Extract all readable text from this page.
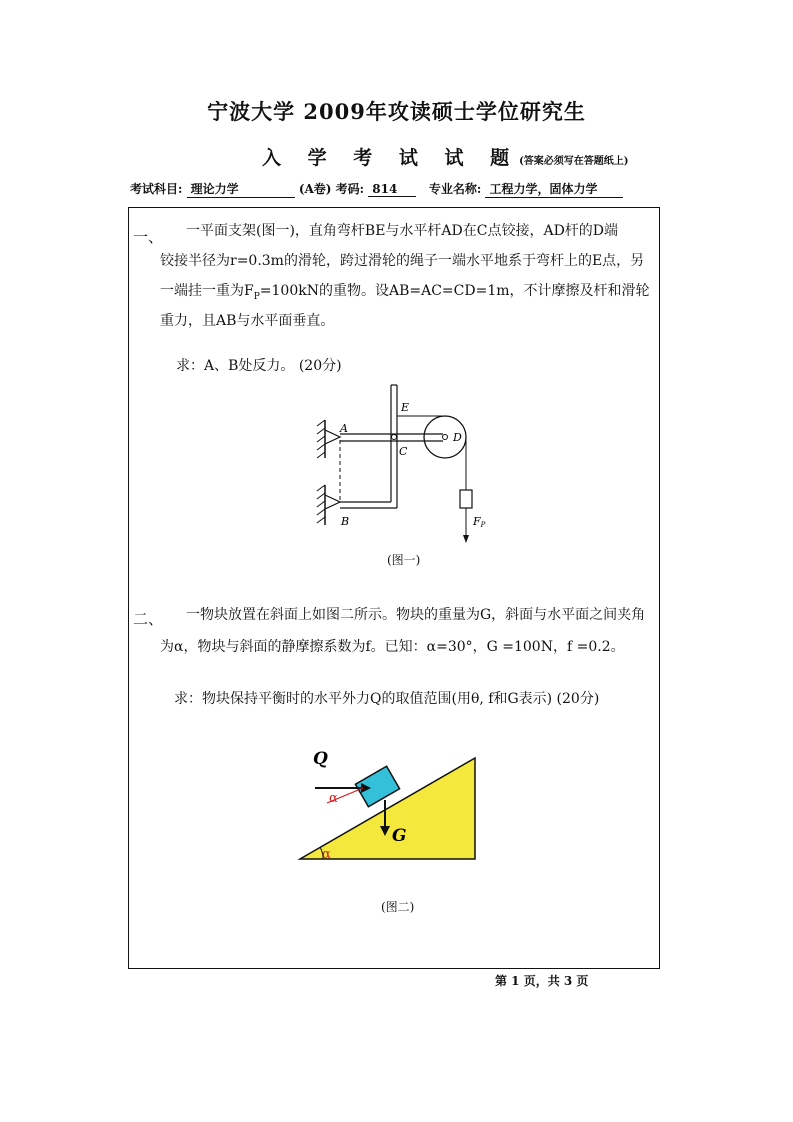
宁波大学 2009年攻读硕士学位研究生
入 学 考 试 试 题(答案必须写在答题纸上)
考试科目: 理论力学	(A卷) 考码: 814	专业名称: 工程力学，固体力学
一、 一平面支架(图一)，直角弯杆BE与水平杆AD在C点铰接，AD杆的D端
铰接半径为r=0.3m的滑轮，跨过滑轮的绳子一端水平地系于弯杆上的E点，另
一端挂一重为$F_P=100kN$的重物。设AB=AC=CD=1m，不计摩擦及杆和滑轮
重力，且AB与水平面垂直。
求：A、B处反力。 (20分)
A
B
C
D
E
FP
(图一)
二、 一物块放置在斜面上如图二所示。物块的重量为G，斜面与水平面之间夹角
为α，物块与斜面的静摩擦系数为f。已知：α=30°，G =100N，f =0.2。
求：物块保持平衡时的水平外力Q的取值范围(用θ, f和G表示) (20分)
Q
G
α
α
(图二)
第 1 页，共 3 页
